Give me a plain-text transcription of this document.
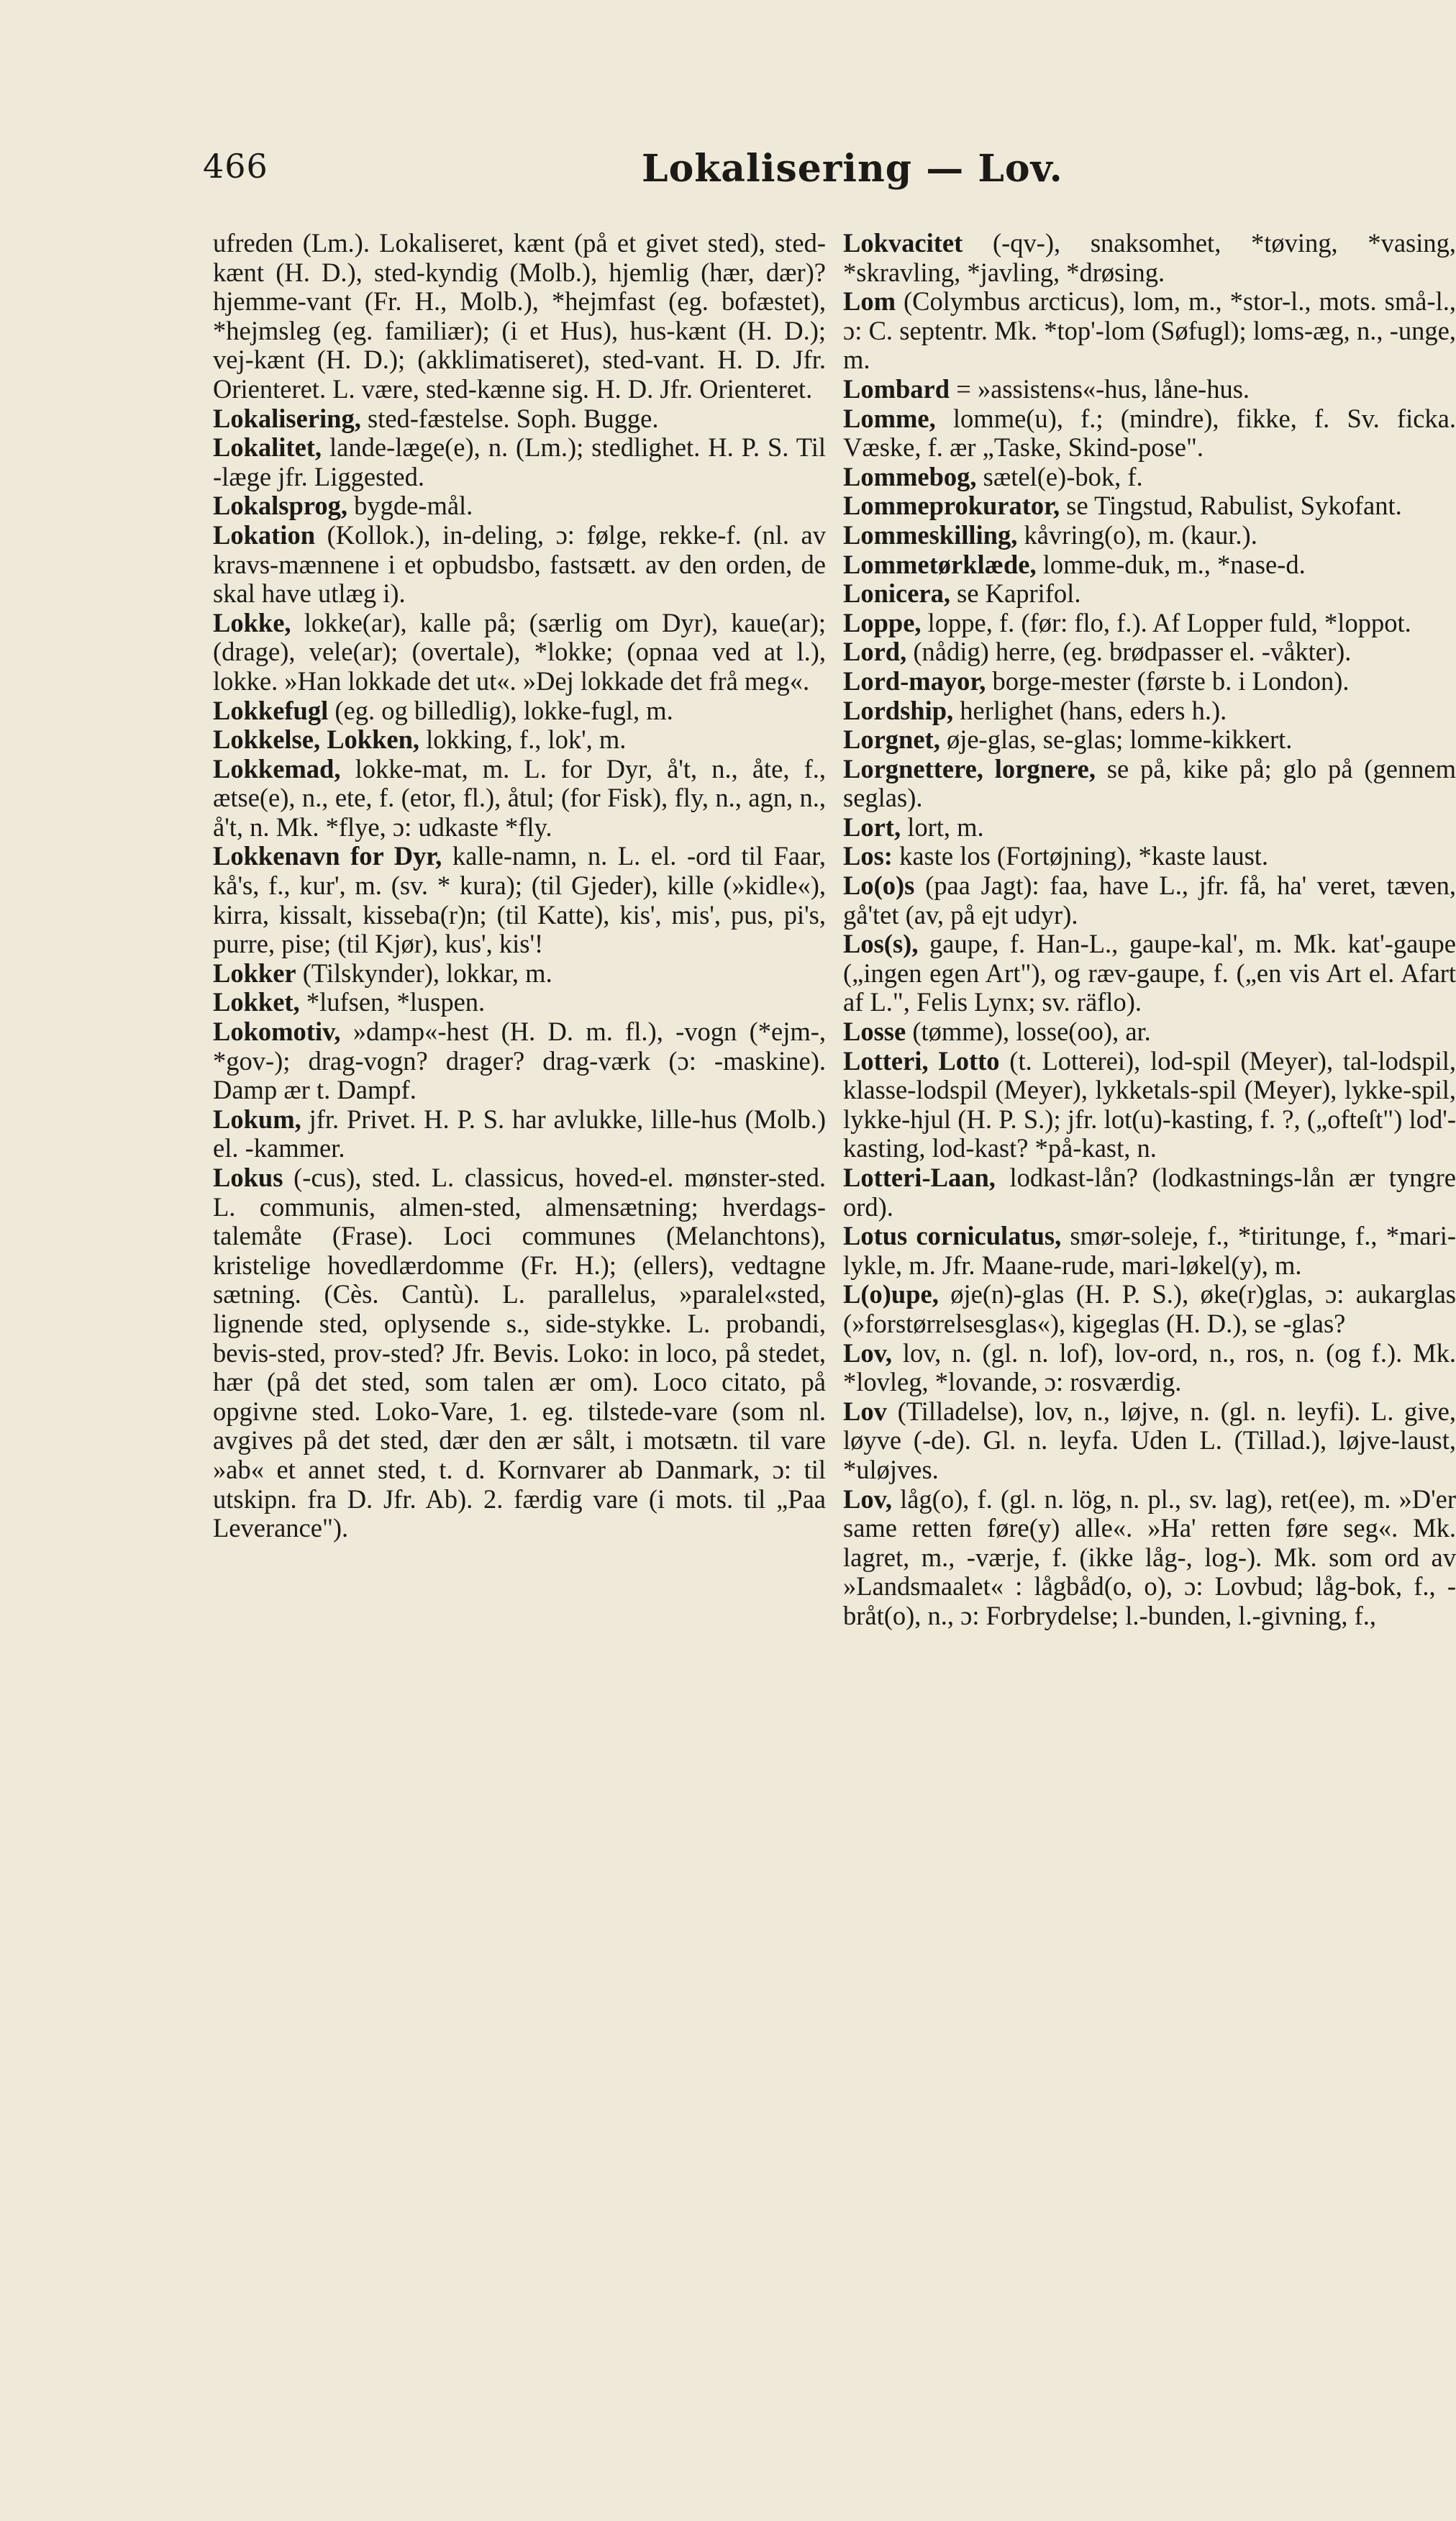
466	Lokalisering — Lov.

ufreden (Lm.). Lokaliseret, kænt (på et givet sted), sted-kænt (H. D.), sted-kyndig (Molb.), hjemlig (hær, dær)? hjemme-vant (Fr. H., Molb.), *hejmfast (eg. bofæstet), *hejmsleg (eg. familiær); (i et Hus), hus-kænt (H. D.); vej-kænt (H. D.); (akklimatiseret), sted-vant. H. D. Jfr. Orienteret. L. være, sted-kænne sig. H. D. Jfr. Orienteret.

Lokalisering, sted-fæstelse. Soph. Bugge.

Lokalitet, lande-læge(e), n. (Lm.); stedlighet. H. P. S. Til -læge jfr. Liggested.

Lokalsprog, bygde-mål.

Lokation (Kollok.), in-deling, ɔ: følge, rekke-f. (nl. av kravs-mænnene i et opbudsbo, fastsætt. av den orden, de skal have utlæg i).

Lokke, lokke(ar), kalle på; (særlig om Dyr), kaue(ar); (drage), vele(ar); (overtale), *lokke; (opnaa ved at l.), lokke. »Han lokkade det ut«. »Dej lokkade det frå meg«.

Lokkefugl (eg. og billedlig), lokke-fugl, m.

Lokkelse, Lokken, lokking, f., lok', m.

Lokkemad, lokke-mat, m. L. for Dyr, å't, n., åte, f., ætse(e), n., ete, f. (etor, fl.), åtul; (for Fisk), fly, n., agn, n., å't, n. Mk. *flye, ɔ: udkaste *fly.

Lokkenavn for Dyr, kalle-namn, n. L. el. -ord til Faar, kå's, f., kur', m. (sv. * kura); (til Gjeder), kille (»kidle«), kirra, kissalt, kisseba(r)n; (til Katte), kis', mis', pus, pi's, purre, pise; (til Kjør), kus', kis'!

Lokker (Tilskynder), lokkar, m.

Lokket, *lufsen, *luspen.

Lokomotiv, »damp«-hest (H. D. m. fl.), -vogn (*ejm-, *gov-); drag-vogn? drager? drag-værk (ɔ: -maskine). Damp ær t. Dampf.

Lokum, jfr. Privet. H. P. S. har avlukke, lille-hus (Molb.) el. -kammer.

Lokus (-cus), sted. L. classicus, hoved-el. mønster-sted. L. communis, almen-sted, almensætning; hverdags-talemåte (Frase). Loci communes (Melanchtons), kristelige hovedlærdomme (Fr. H.); (ellers), vedtagne sætning. (Cès. Cantù). L. parallelus, »paralel«sted, lignende sted, oplysende s., side-stykke. L. probandi, bevis-sted, prov-sted? Jfr. Bevis. Loko: in loco, på stedet, hær (på det sted, som talen ær om). Loco citato, på opgivne sted. Loko-Vare, 1. eg. tilstede-vare (som nl. avgives på det sted, dær den ær sålt, i motsætn. til vare »ab« et annet sted, t. d. Kornvarer ab Danmark, ɔ: til utskipn. fra D. Jfr. Ab). 2. færdig vare (i mots. til „Paa Leverance").

Lokvacitet (-qv-), snaksomhet, *tøving, *vasing, *skravling, *javling, *drøsing.

Lom (Colymbus arcticus), lom, m., *stor-l., mots. små-l., ɔ: C. septentr. Mk. *top'-lom (Søfugl); loms-æg, n., -unge, m.

Lombard = »assistens«-hus, låne-hus.

Lomme, lomme(u), f.; (mindre), fikke, f. Sv. ficka. Væske, f. ær „Taske, Skind-pose".

Lommebog, sætel(e)-bok, f.

Lommeprokurator, se Tingstud, Rabulist, Sykofant.

Lommeskilling, kåvring(o), m. (kaur.).

Lommetørklæde, lomme-duk, m., *nase-d.

Lonicera, se Kaprifol.

Loppe, loppe, f. (før: flo, f.). Af Lopper fuld, *loppot.

Lord, (nådig) herre, (eg. brødpasser el. -våkter).

Lord-mayor, borge-mester (første b. i London).

Lordship, herlighet (hans, eders h.).

Lorgnet, øje-glas, se-glas; lomme-kikkert.

Lorgnettere, lorgnere, se på, kike på; glo på (gennem seglas).

Lort, lort, m.

Los: kaste los (Fortøjning), *kaste laust.

Lo(o)s (paa Jagt): faa, have L., jfr. få, ha' veret, tæven, gå'tet (av, på ejt udyr).

Los(s), gaupe, f. Han-L., gaupe-kal', m. Mk. kat'-gaupe („ingen egen Art"), og ræv-gaupe, f. („en vis Art el. Afart af L.", Felis Lynx; sv. räflo).

Losse (tømme), losse(oo), ar.

Lotteri, Lotto (t. Lotterei), lod-spil (Meyer), tal-lodspil, klasse-lodspil (Meyer), lykketals-spil (Meyer), lykke-spil, lykke-hjul (H. P. S.); jfr. lot(u)-kasting, f. ?, („ofteſt") lod'-kasting, lod-kast? *på-kast, n.

Lotteri-Laan, lodkast-lån? (lodkastnings-lån ær tyngre ord).

Lotus corniculatus, smør-soleje, f., *tiritunge, f., *mari-lykle, m. Jfr. Maane-rude, mari-løkel(y), m.

L(o)upe, øje(n)-glas (H. P. S.), øke(r)glas, ɔ: aukarglas (»forstørrelsesglas«), kigeglas (H. D.), se -glas?

Lov, lov, n. (gl. n. lof), lov-ord, n., ros, n. (og f.). Mk. *lovleg, *lovande, ɔ: rosværdig.

Lov (Tilladelse), lov, n., løjve, n. (gl. n. leyfi). L. give, løyve (-de). Gl. n. leyfa. Uden L. (Tillad.), løjve-laust, *uløjves.

Lov, låg(o), f. (gl. n. lög, n. pl., sv. lag), ret(ee), m. »D'er same retten føre(y) alle«. »Ha' retten føre seg«. Mk. lagret, m., -værje, f. (ikke låg-, log-). Mk. som ord av »Landsmaalet« : lågbåd(o, o), ɔ: Lovbud; låg-bok, f., -bråt(o), n., ɔ: Forbrydelse; l.-bunden, l.-givning, f.,
